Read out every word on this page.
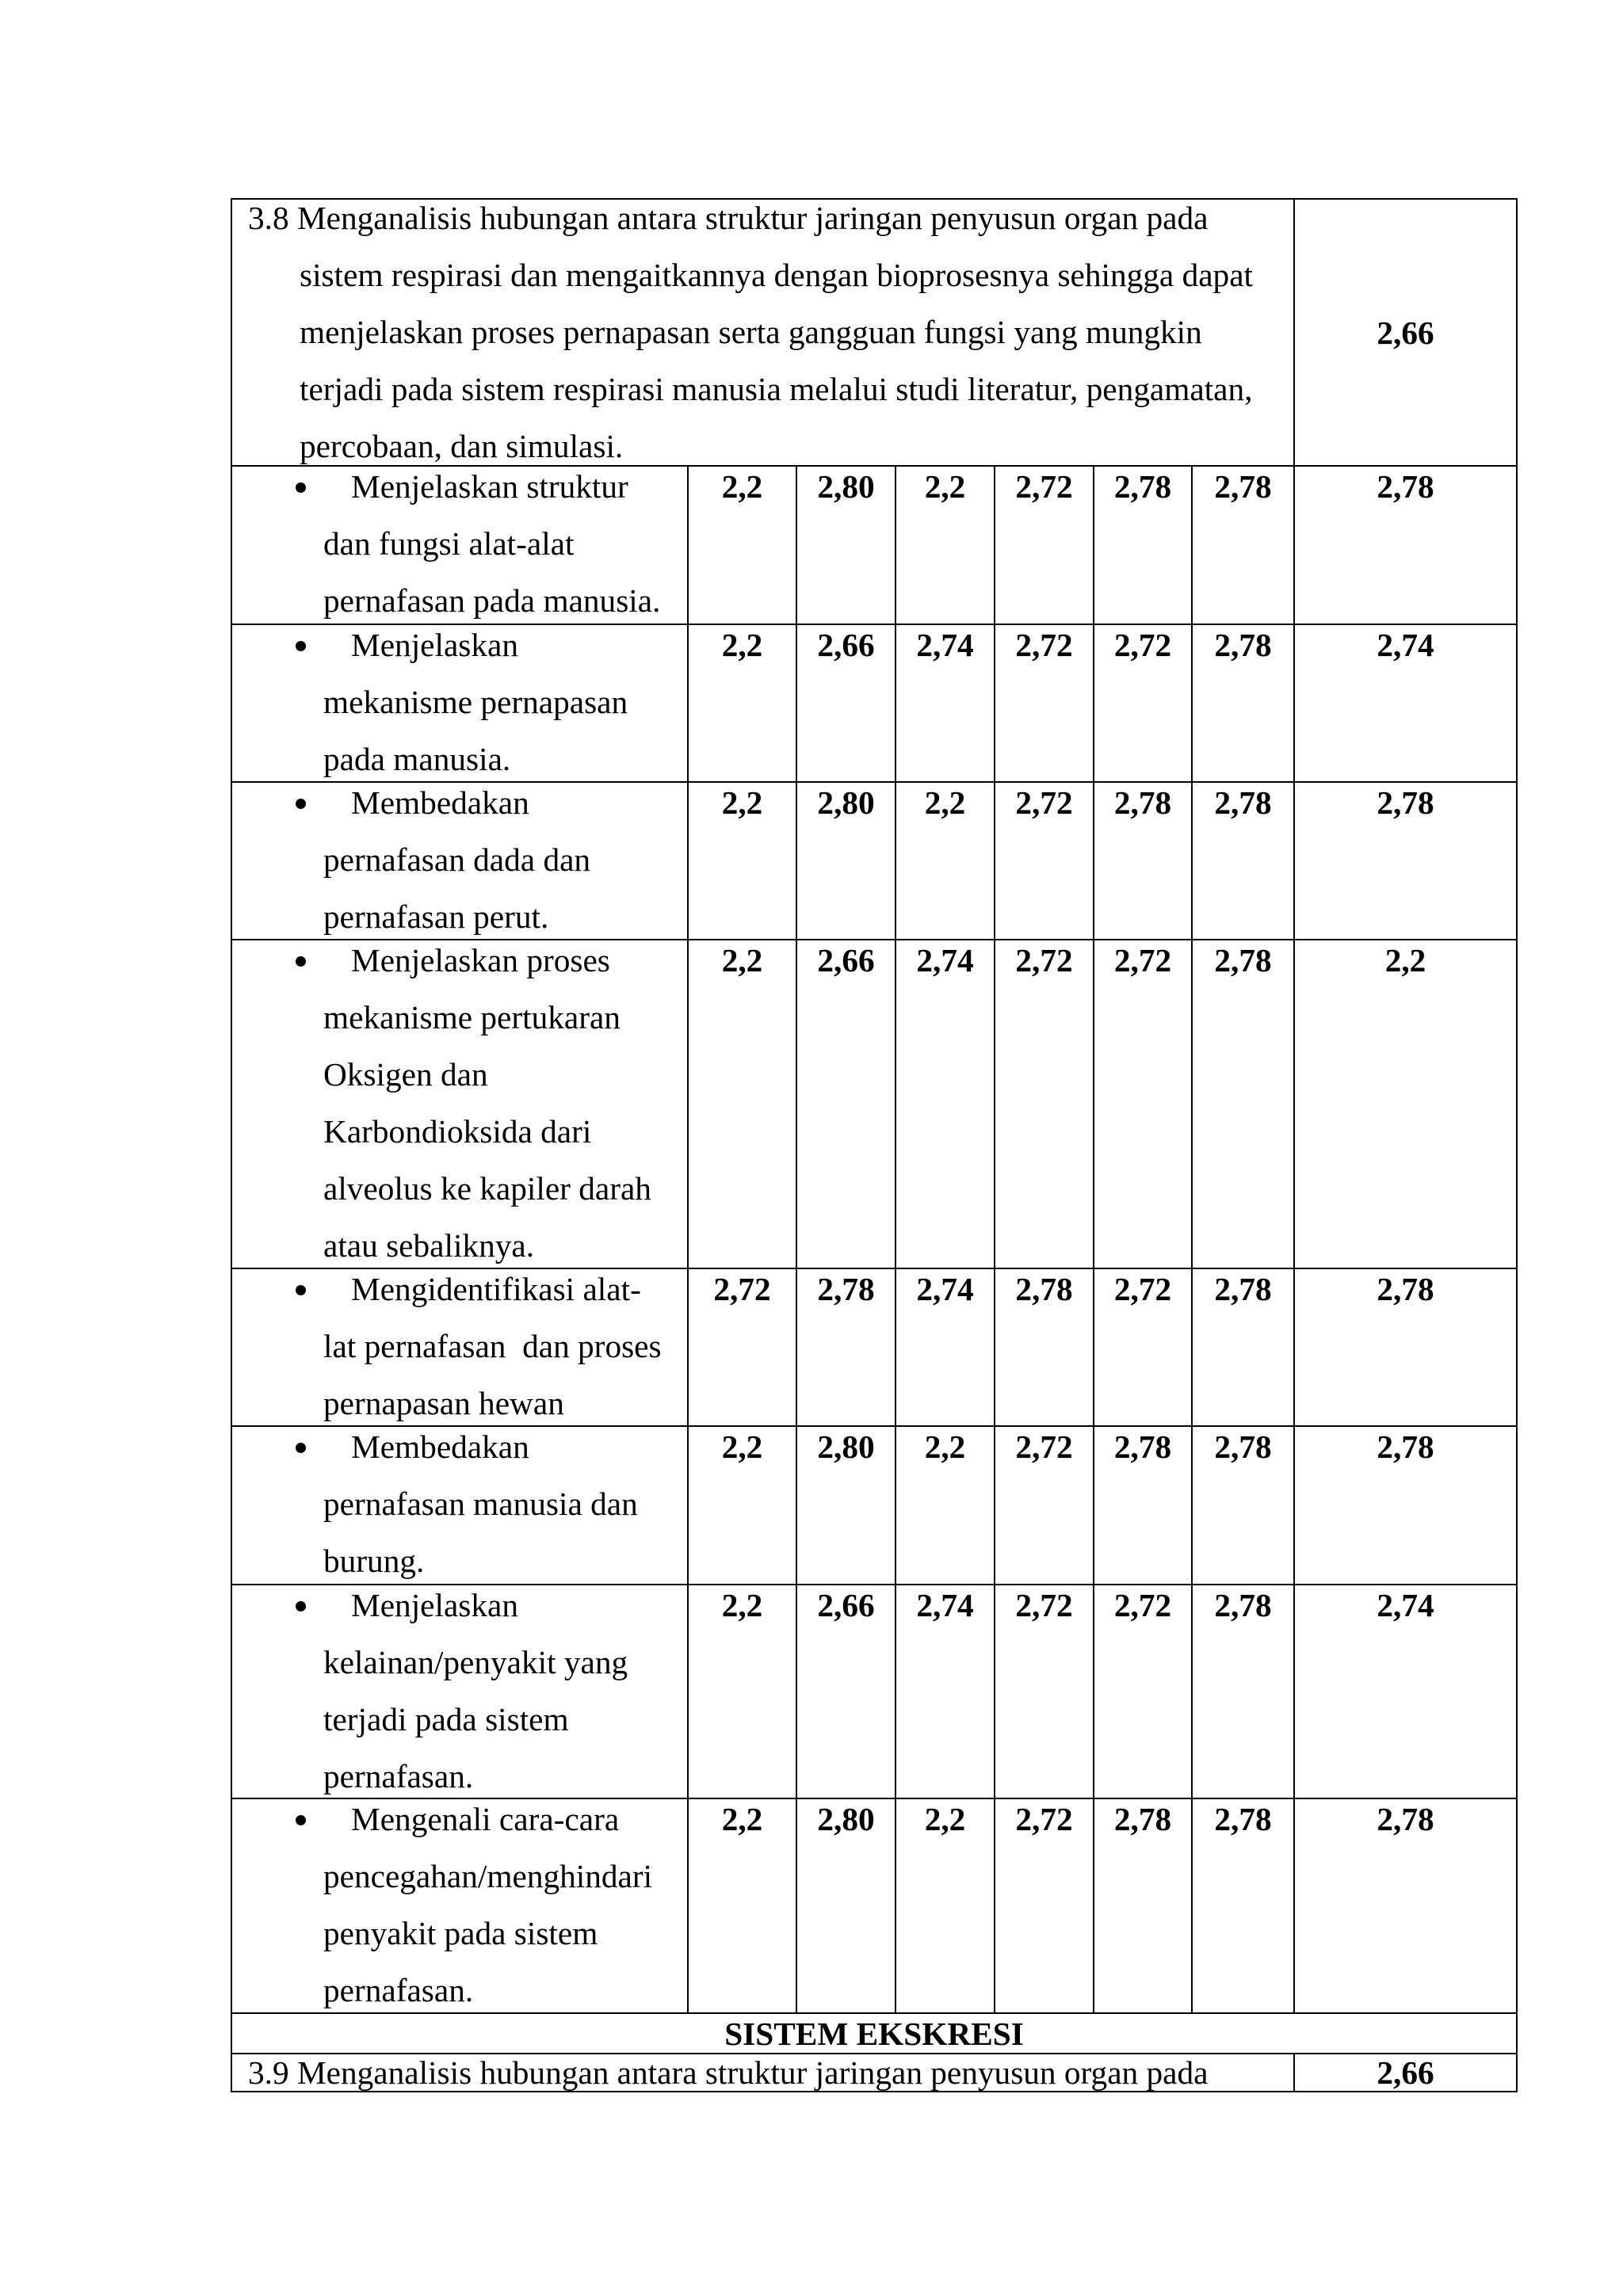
3.8 Menganalisis hubungan antara struktur jaringan penyusun organ pada
sistem respirasi dan mengaitkannya dengan bioprosesnya sehingga dapat
menjelaskan proses pernapasan serta gangguan fungsi yang mungkin
terjadi pada sistem respirasi manusia melalui studi literatur, pengamatan,
percobaan, dan simulasi.
2,66
Menjelaskan struktur
dan fungsi alat-alat
pernafasan pada manusia.
2,2	2,80	2,2	2,72	2,78	2,78	2,78
Menjelaskan
mekanisme pernapasan
pada manusia.
2,2	2,66	2,74	2,72	2,72	2,78	2,74
Membedakan
pernafasan dada dan
pernafasan perut.
2,2	2,80	2,2	2,72	2,78	2,78	2,78
Menjelaskan proses
mekanisme pertukaran
Oksigen dan
Karbondioksida dari
alveolus ke kapiler darah
atau sebaliknya.
2,2	2,66	2,74	2,72	2,72	2,78	2,2
Mengidentifikasi alat-
lat pernafasan  dan proses
pernapasan hewan
2,72	2,78	2,74	2,78	2,72	2,78	2,78
Membedakan
pernafasan manusia dan
burung.
2,2	2,80	2,2	2,72	2,78	2,78	2,78
Menjelaskan
kelainan/penyakit yang
terjadi pada sistem
pernafasan.
2,2	2,66	2,74	2,72	2,72	2,78	2,74
Mengenali cara-cara
pencegahan/menghindari
penyakit pada sistem
pernafasan.
2,2	2,80	2,2	2,72	2,78	2,78	2,78
SISTEM EKSKRESI
3.9 Menganalisis hubungan antara struktur jaringan penyusun organ pada	2,66
